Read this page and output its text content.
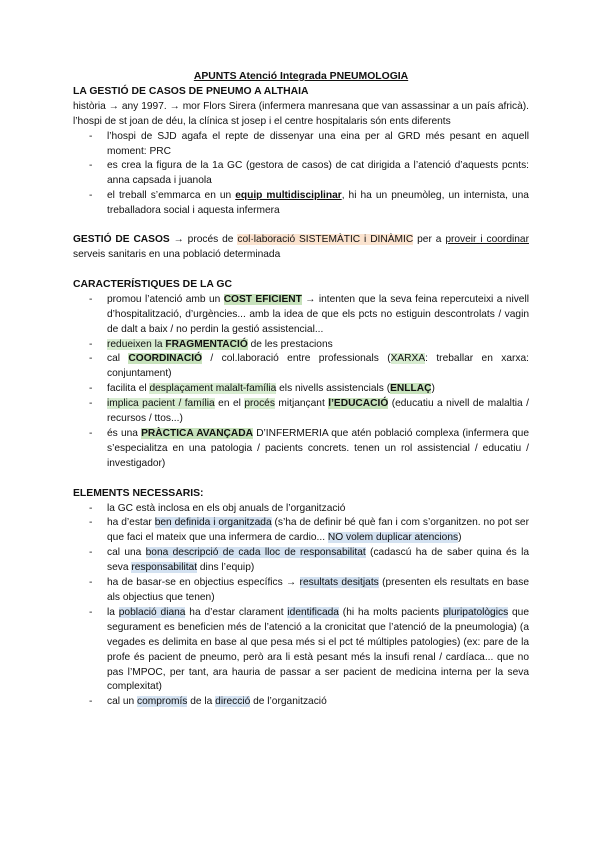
APUNTS Atenció Integrada PNEUMOLOGIA

LA GESTIÓ DE CASOS DE PNEUMO A ALTHAIA

història → any 1997. → mor Flors Sirera (infermera manresana que van assassinar a un país africà). l’hospi de st joan de déu, la clínica st josep i el centre hospitalaris són ents diferents

- l’hospi de SJD agafa el repte de dissenyar una eina per al GRD més pesant en aquell moment: PRC
- es crea la figura de la 1a GC (gestora de casos) de cat dirigida a l’atenció d’aquests pcnts: anna capsada i juanola
- el treball s’emmarca en un equip multidisciplinar, hi ha un pneumòleg, un internista, una treballadora social i aquesta infermera

GESTIÓ DE CASOS → procés de col·laboració SISTEMÀTIC i DINÀMIC per a proveir i coordinar serveis sanitaris en una població determinada

CARACTERÍSTIQUES DE LA GC

- promou l’atenció amb un COST EFICIENT → intenten que la seva feina repercuteixi a nivell d’hospitalització, d’urgències... amb la idea de que els pcts no estiguin descontrolats / vagin de dalt a baix / no perdin la gestió assistencial...
- redueixen la FRAGMENTACIÓ de les prestacions
- cal COORDINACIÓ / col.laboració entre professionals (XARXA: treballar en xarxa: conjuntament)
- facilita el desplaçament malalt-família els nivells assistencials (ENLLAÇ)
- implica pacient / família en el procés mitjançant l’EDUCACIÓ (educatiu a nivell de malaltia / recursos / ttos...)
- és una PRÀCTICA AVANÇADA D’INFERMERIA que atén població complexa (infermera que s’especialitza en una patologia / pacients concrets. tenen un rol assistencial / educatiu / investigador)

ELEMENTS NECESSARIS:

- la GC està inclosa en els obj anuals de l’organització
- ha d’estar ben definida i organitzada (s’ha de definir bé què fan i com s’organitzen. no pot ser que faci el mateix que una infermera de cardio... NO volem duplicar atencions)
- cal una bona descripció de cada lloc de responsabilitat (cadascú ha de saber quina és la seva responsabilitat dins l’equip)
- ha de basar-se en objectius específics → resultats desitjats (presenten els resultats en base als objectius que tenen)
- la població diana ha d’estar clarament identificada (hi ha molts pacients pluripatològics que segurament es beneficien més de l’atenció a la cronicitat que l’atenció de la pneumologia) (a vegades es delimita en base al que pesa més si el pct té múltiples patologies) (ex: pare de la profe és pacient de pneumo, però ara li està pesant més la insufi renal / cardíaca... que no pas l’MPOC, per tant, ara hauria de passar a ser pacient de medicina interna per la seva complexitat)
- cal un compromís de la direcció de l’organització
